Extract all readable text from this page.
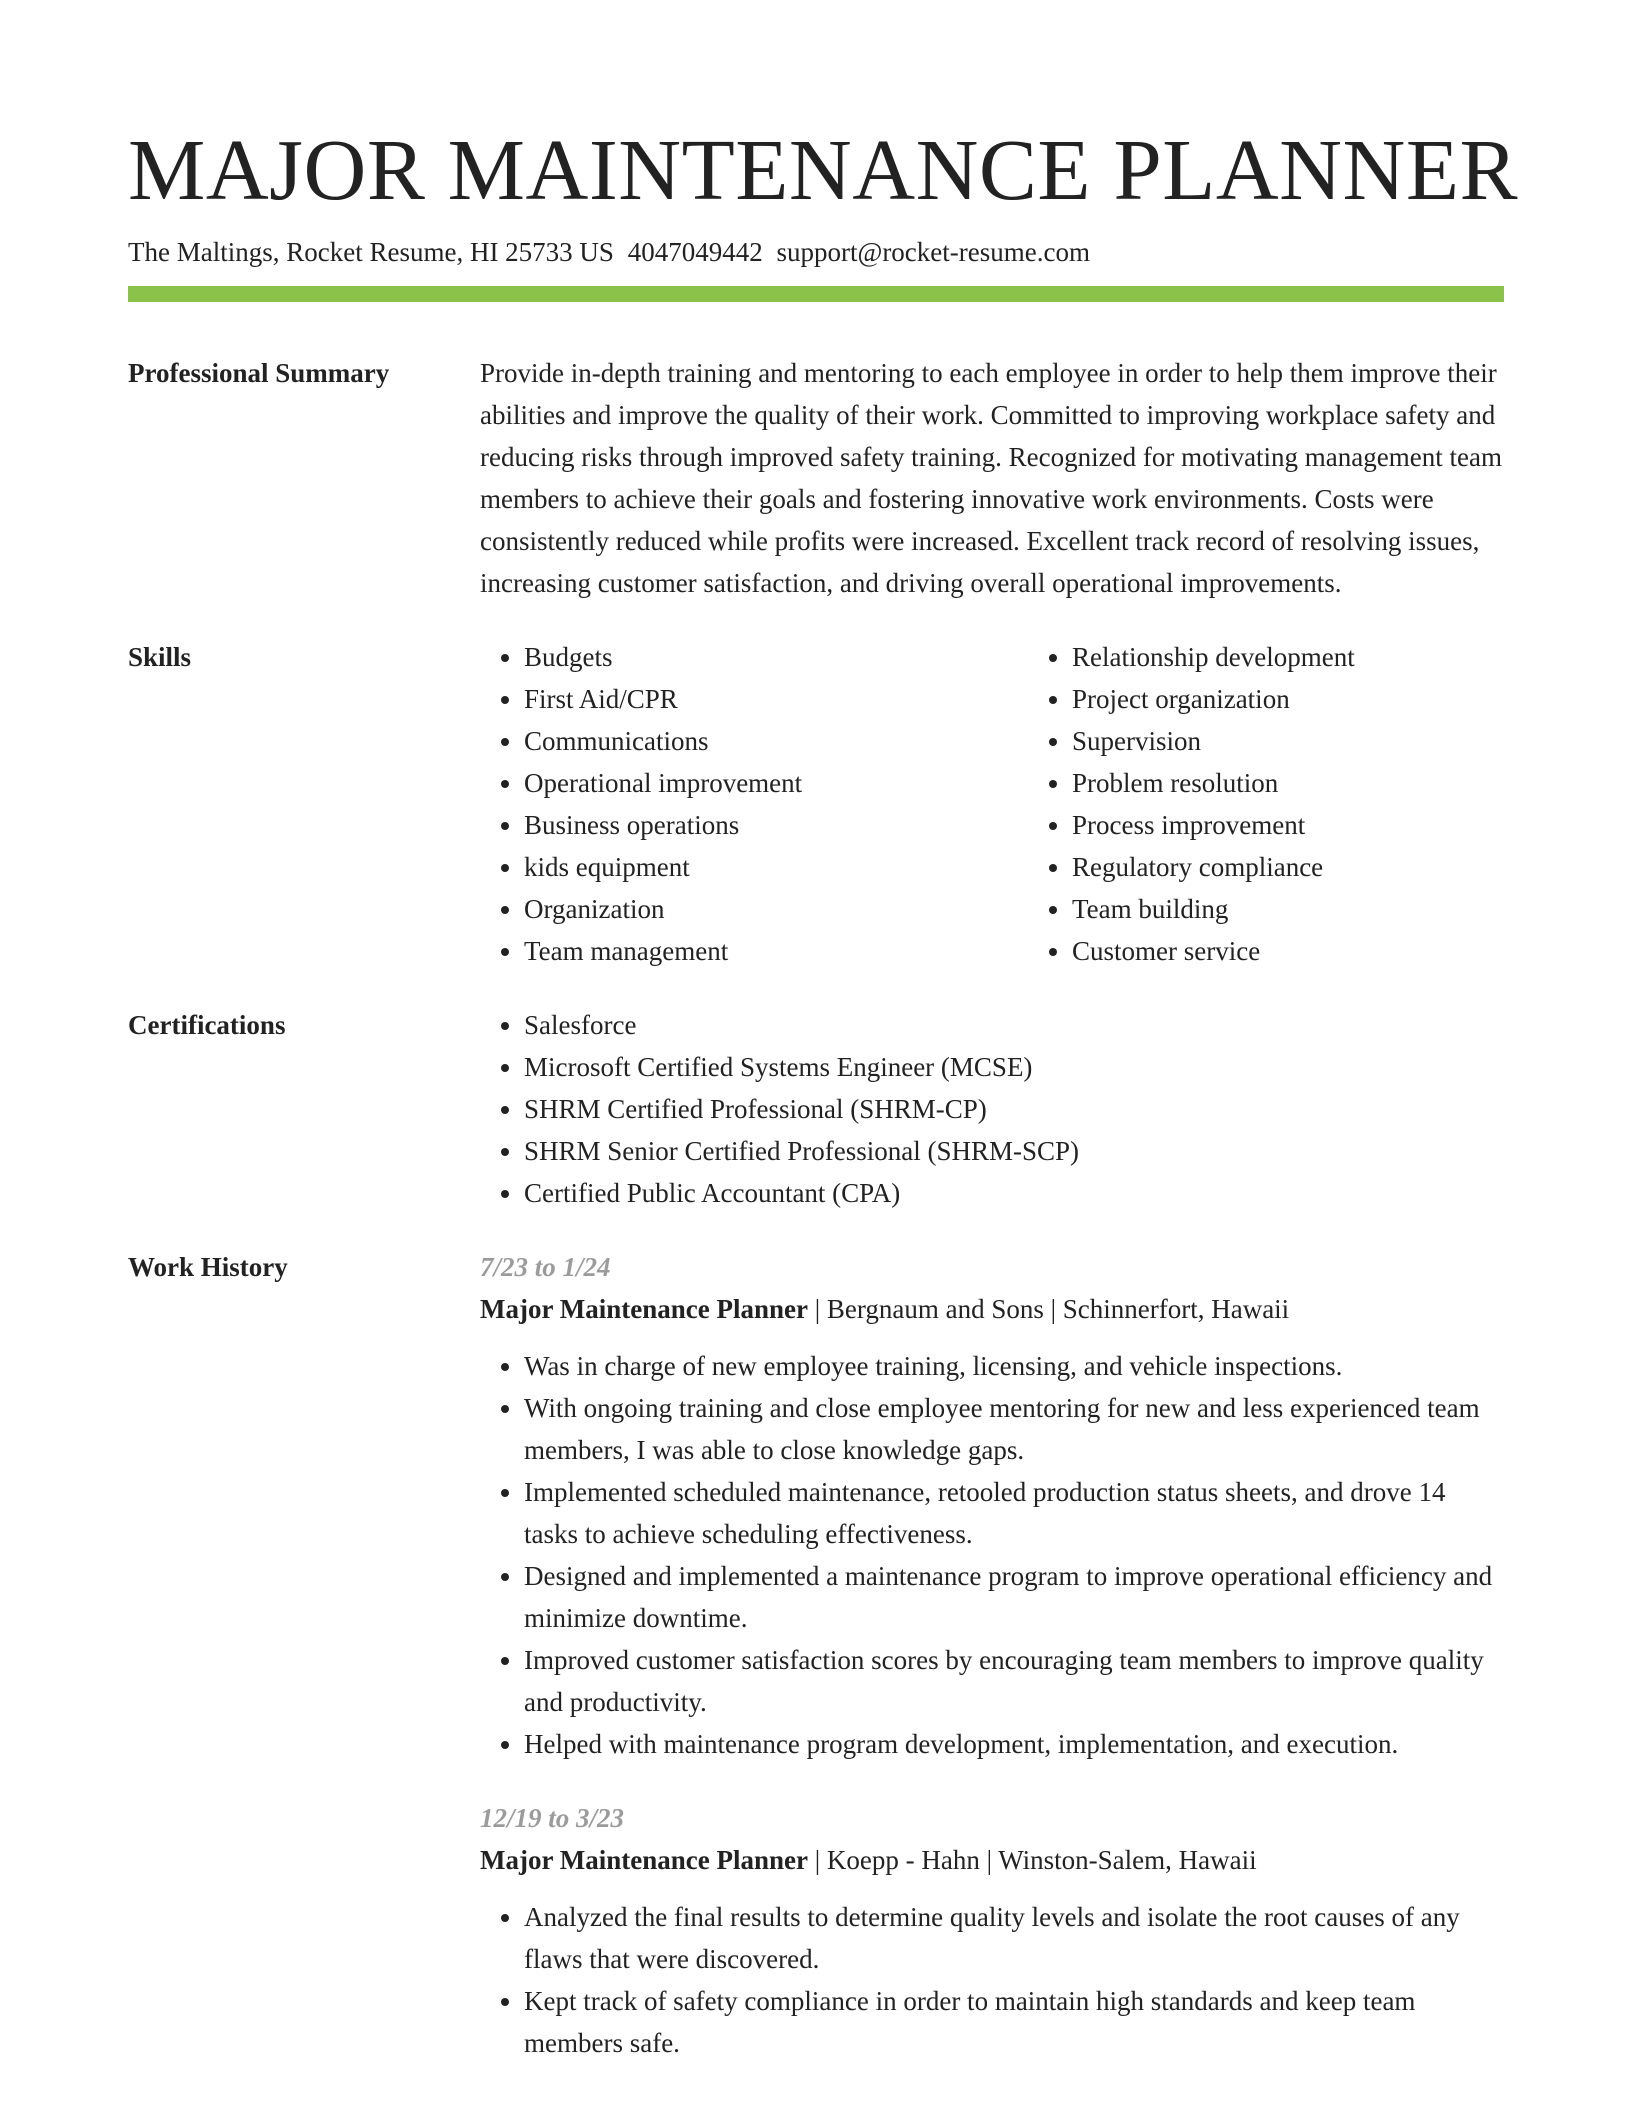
MAJOR MAINTENANCE PLANNER
The Maltings, Rocket Resume, HI 25733 US 4047049442 support@rocket-resume.com
Professional Summary	Provide in-depth training and mentoring to each employee in order to help them improve their abilities and improve the quality of their work. Committed to improving workplace safety and reducing risks through improved safety training. Recognized for motivating management team members to achieve their goals and fostering innovative work environments. Costs were consistently reduced while profits were increased. Excellent track record of resolving issues, increasing customer satisfaction, and driving overall operational improvements.

Skills	• Budgets
• First Aid/CPR
• Communications
• Operational improvement
• Business operations
• kids equipment
• Organization
• Team management
• Relationship development
• Project organization
• Supervision
• Problem resolution
• Process improvement
• Regulatory compliance
• Team building
• Customer service
Certifications	• Salesforce
• Microsoft Certified Systems Engineer (MCSE)
• SHRM Certified Professional (SHRM-CP)
• SHRM Senior Certified Professional (SHRM-SCP)
• Certified Public Accountant (CPA)
Work History	7/23 to 1/24
Major Maintenance Planner | Bergnaum and Sons | Schinnerfort, Hawaii
• Was in charge of new employee training, licensing, and vehicle inspections.
• With ongoing training and close employee mentoring for new and less experienced team members, I was able to close knowledge gaps.
• Implemented scheduled maintenance, retooled production status sheets, and drove 14 tasks to achieve scheduling effectiveness.
• Designed and implemented a maintenance program to improve operational efficiency and minimize downtime.
• Improved customer satisfaction scores by encouraging team members to improve quality and productivity.
• Helped with maintenance program development, implementation, and execution.
12/19 to 3/23
Major Maintenance Planner | Koepp - Hahn | Winston-Salem, Hawaii
• Analyzed the final results to determine quality levels and isolate the root causes of any flaws that were discovered.
• Kept track of safety compliance in order to maintain high standards and keep team members safe.
